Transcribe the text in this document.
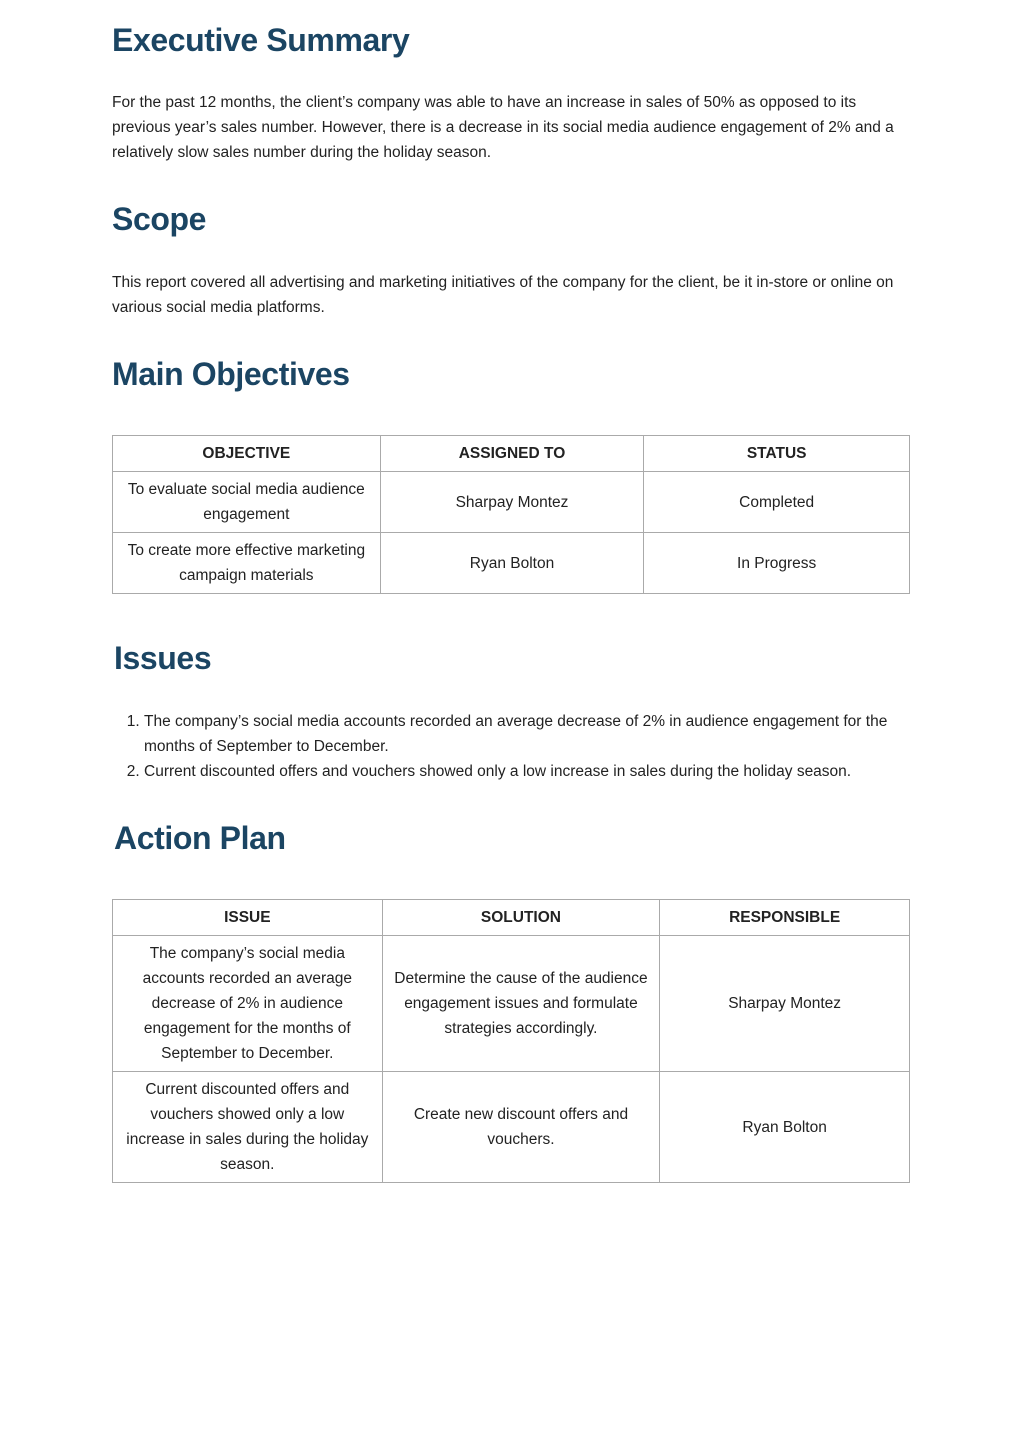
Executive Summary

For the past 12 months, the client’s company was able to have an increase in sales of 50% as opposed to its previous year’s sales number. However, there is a decrease in its social media audience engagement of 2% and a relatively slow sales number during the holiday season.

Scope

This report covered all advertising and marketing initiatives of the company for the client, be it in-store or online on various social media platforms.

Main Objectives
OBJECTIVE	ASSIGNED TO	STATUS
To evaluate social media audience engagement	Sharpay Montez	Completed
To create more effective marketing campaign materials	Ryan Bolton	In Progress
Issues
1. The company’s social media accounts recorded an average decrease of 2% in audience engagement for the months of September to December.
2. Current discounted offers and vouchers showed only a low increase in sales during the holiday season.
Action Plan
ISSUE	SOLUTION	RESPONSIBLE
The company’s social media accounts recorded an average decrease of 2% in audience engagement for the months of September to December.	Determine the cause of the audience engagement issues and formulate strategies accordingly.	Sharpay Montez
Current discounted offers and vouchers showed only a low increase in sales during the holiday season.	Create new discount offers and vouchers.	Ryan Bolton
